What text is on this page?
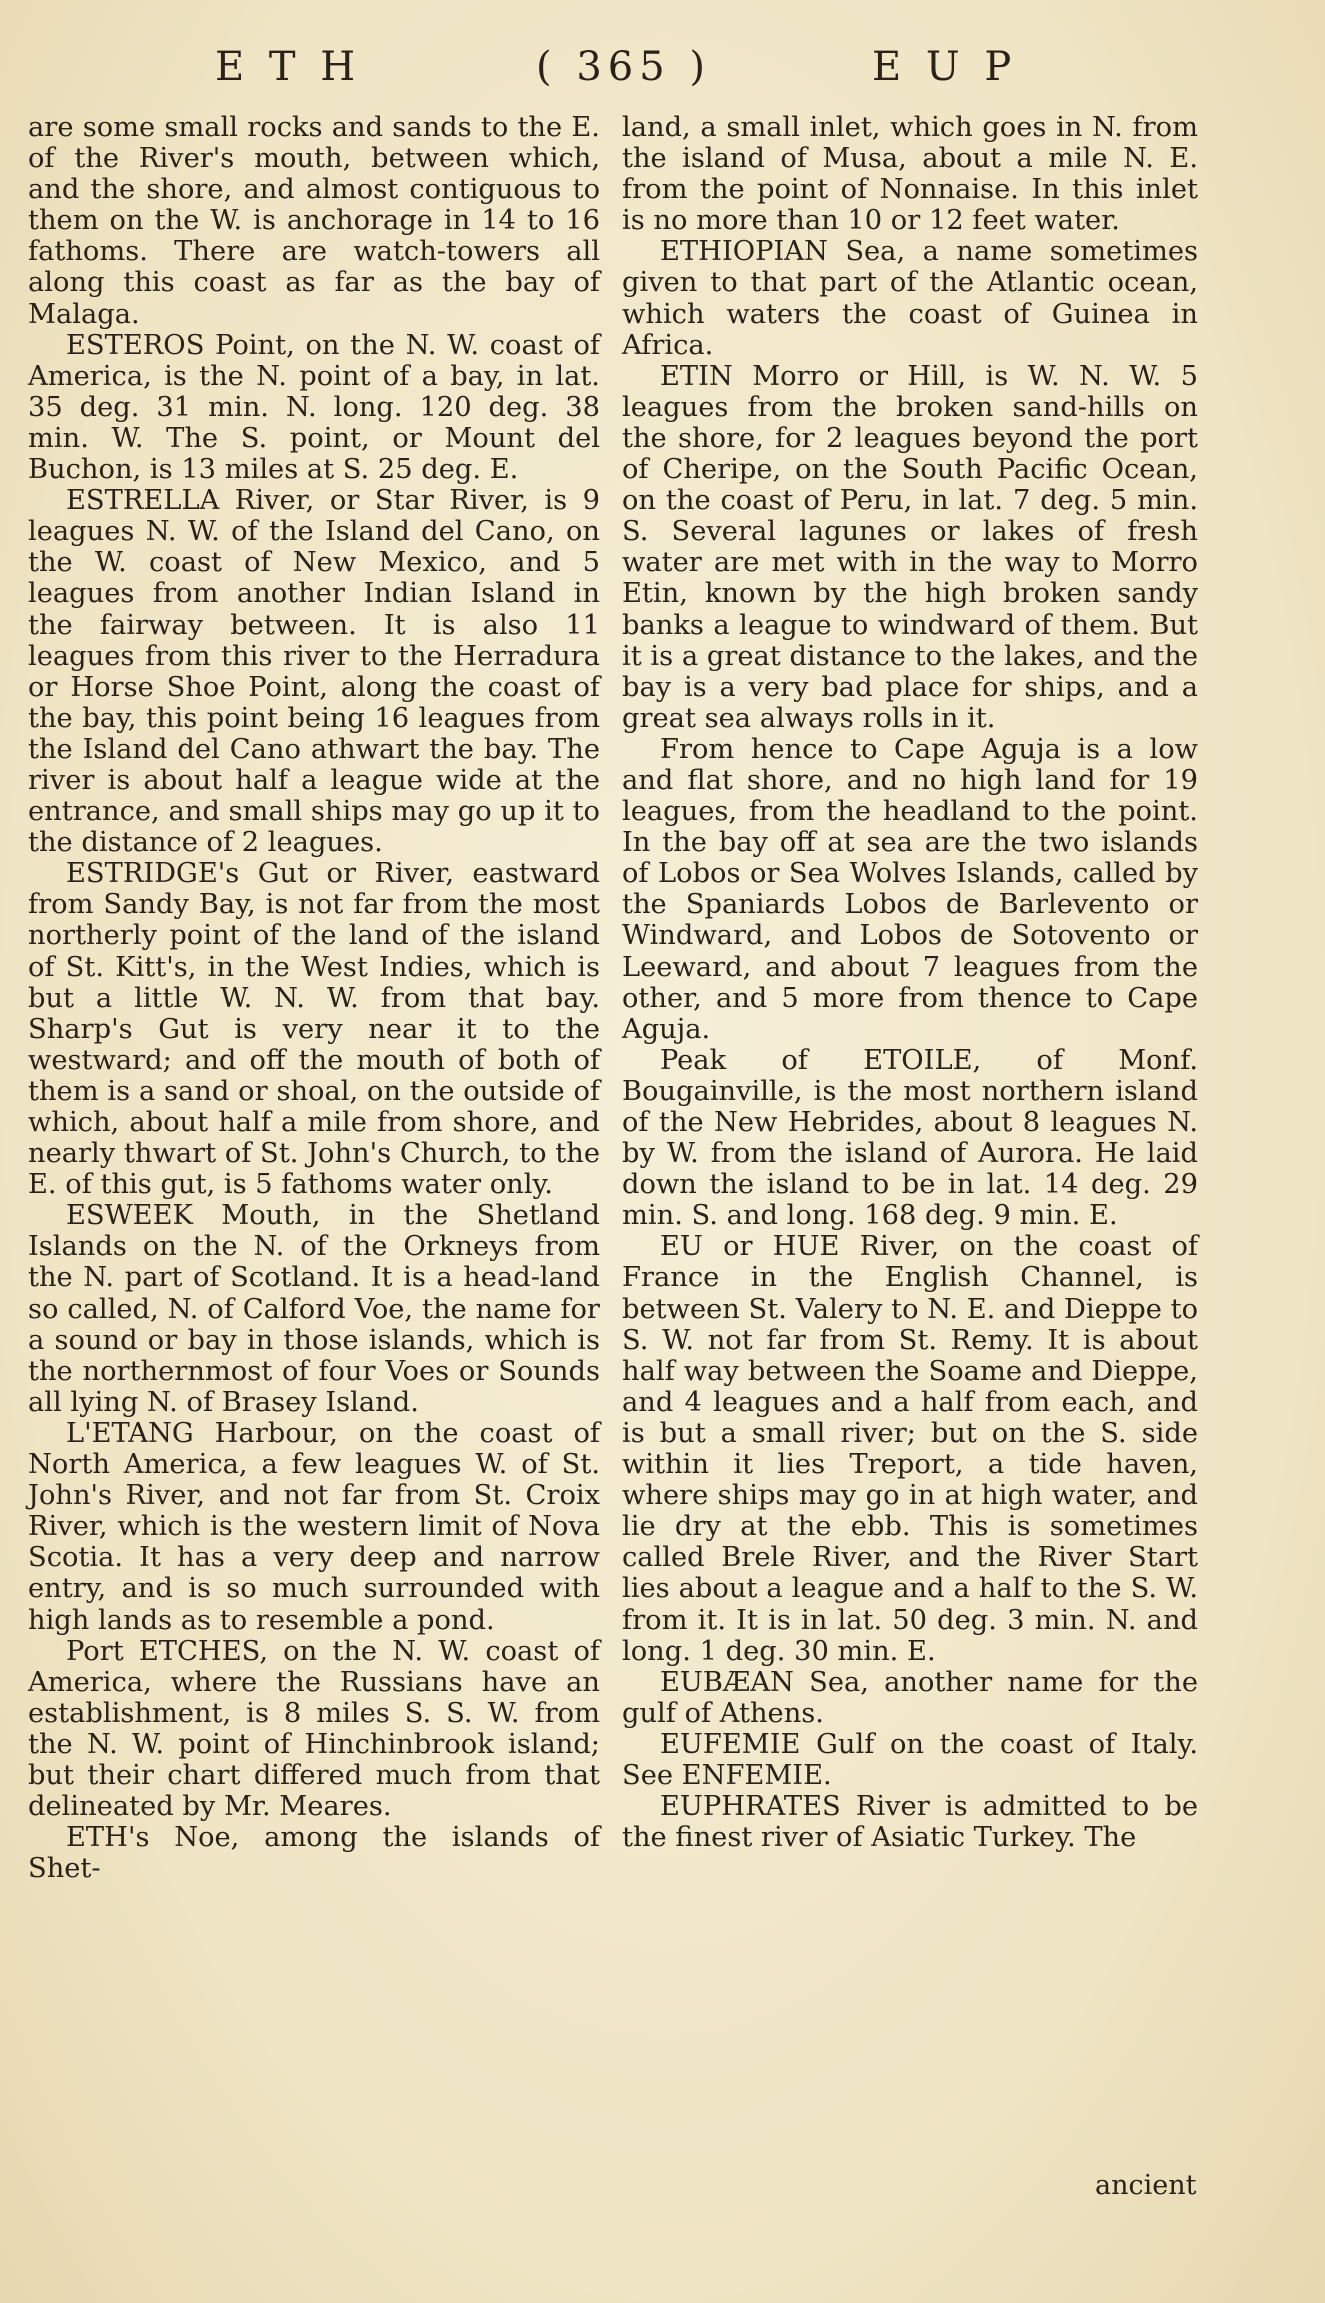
E T H	( 365 )	E U P

are some small rocks and sands to the E. of the River's mouth, between which, and the shore, and almost contiguous to them on the W. is anchorage in 14 to 16 fathoms. There are watch-towers all along this coast as far as the bay of Malaga.

ESTEROS Point, on the N. W. coast of America, is the N. point of a bay, in lat. 35 deg. 31 min. N. long. 120 deg. 38 min. W. The S. point, or Mount del Buchon, is 13 miles at S. 25 deg. E.

ESTRELLA River, or Star River, is 9 leagues N. W. of the Island del Cano, on the W. coast of New Mexico, and 5 leagues from another Indian Island in the fairway between. It is also 11 leagues from this river to the Herradura or Horse Shoe Point, along the coast of the bay, this point being 16 leagues from the Island del Cano athwart the bay. The river is about half a league wide at the entrance, and small ships may go up it to the distance of 2 leagues.

ESTRIDGE's Gut or River, eastward from Sandy Bay, is not far from the most northerly point of the land of the island of St. Kitt's, in the West Indies, which is but a little W. N. W. from that bay. Sharp's Gut is very near it to the westward; and off the mouth of both of them is a sand or shoal, on the outside of which, about half a mile from shore, and nearly thwart of St. John's Church, to the E. of this gut, is 5 fathoms water only.

ESWEEK Mouth, in the Shetland Islands on the N. of the Orkneys from the N. part of Scotland. It is a head-land so called, N. of Calford Voe, the name for a sound or bay in those islands, which is the northernmost of four Voes or Sounds all lying N. of Brasey Island.

L'ETANG Harbour, on the coast of North America, a few leagues W. of St. John's River, and not far from St. Croix River, which is the western limit of Nova Scotia. It has a very deep and narrow entry, and is so much surrounded with high lands as to resemble a pond.

Port ETCHES, on the N. W. coast of America, where the Russians have an establishment, is 8 miles S. S. W. from the N. W. point of Hinchinbrook island; but their chart differed much from that delineated by Mr. Meares.

ETH's Noe, among the islands of Shet-

land, a small inlet, which goes in N. from the island of Musa, about a mile N. E. from the point of Nonnaise. In this inlet is no more than 10 or 12 feet water.

ETHIOPIAN Sea, a name sometimes given to that part of the Atlantic ocean, which waters the coast of Guinea in Africa.

ETIN Morro or Hill, is W. N. W. 5 leagues from the broken sand-hills on the shore, for 2 leagues beyond the port of Cheripe, on the South Pacific Ocean, on the coast of Peru, in lat. 7 deg. 5 min. S. Several lagunes or lakes of fresh water are met with in the way to Morro Etin, known by the high broken sandy banks a league to windward of them. But it is a great distance to the lakes, and the bay is a very bad place for ships, and a great sea always rolls in it.

From hence to Cape Aguja is a low and flat shore, and no high land for 19 leagues, from the headland to the point. In the bay off at sea are the two islands of Lobos or Sea Wolves Islands, called by the Spaniards Lobos de Barlevento or Windward, and Lobos de Sotovento or Leeward, and about 7 leagues from the other, and 5 more from thence to Cape Aguja.

Peak of ETOILE, of Monf. Bougainville, is the most northern island of the New Hebrides, about 8 leagues N. by W. from the island of Aurora. He laid down the island to be in lat. 14 deg. 29 min. S. and long. 168 deg. 9 min. E.

EU or HUE River, on the coast of France in the English Channel, is between St. Valery to N. E. and Dieppe to S. W. not far from St. Remy. It is about half way between the Soame and Dieppe, and 4 leagues and a half from each, and is but a small river; but on the S. side within it lies Treport, a tide haven, where ships may go in at high water, and lie dry at the ebb. This is sometimes called Brele River, and the River Start lies about a league and a half to the S. W. from it. It is in lat. 50 deg. 3 min. N. and long. 1 deg. 30 min. E.

EUBÆAN Sea, another name for the gulf of Athens.

EUFEMIE Gulf on the coast of Italy. See ENFEMIE.

EUPHRATES River is admitted to be the finest river of Asiatic Turkey. The

ancient
